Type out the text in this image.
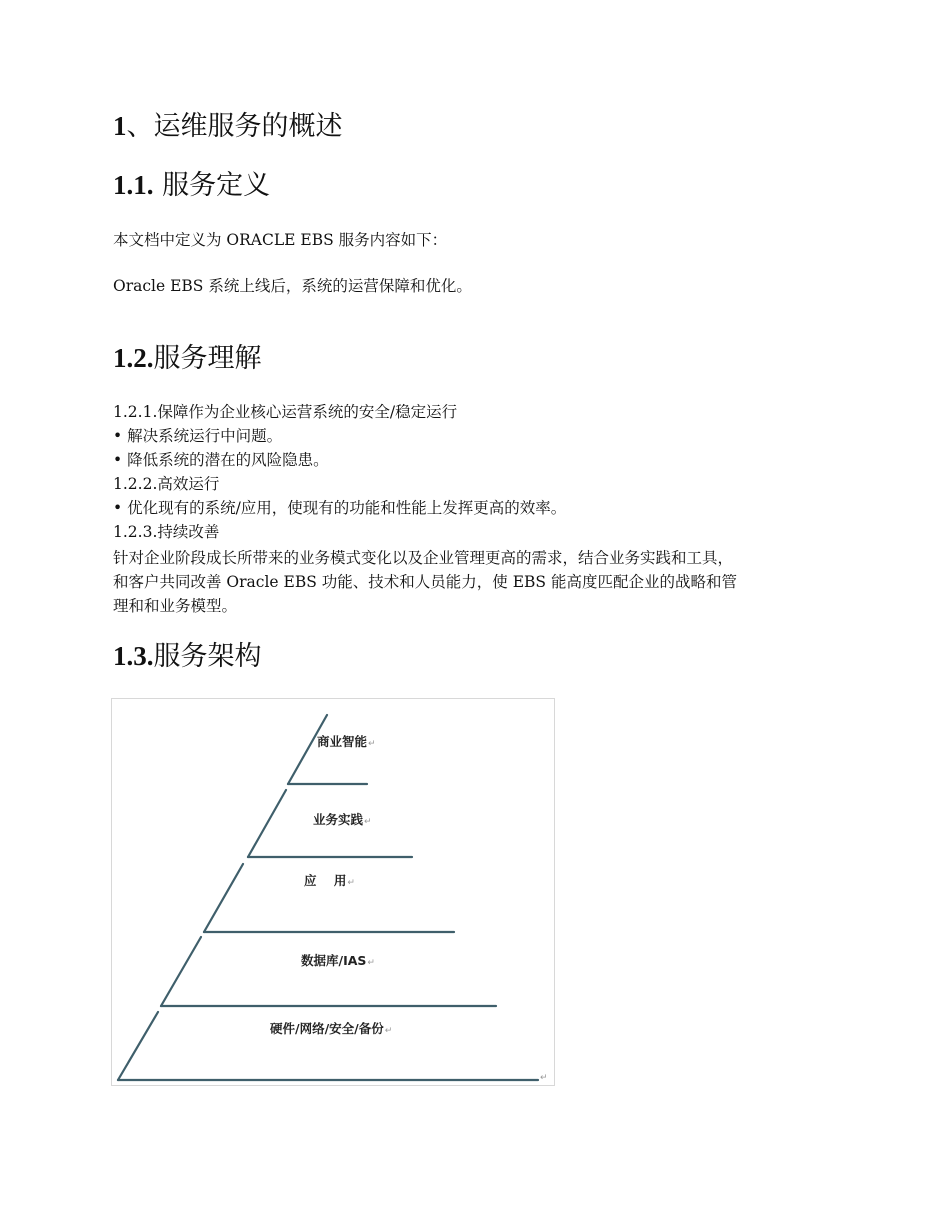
1、运维服务的概述
1.1. 服务定义

本文档中定义为 ORACLE EBS 服务内容如下：

Oracle EBS 系统上线后，系统的运营保障和优化。

1.2.服务理解

1.2.1.保障作为企业核心运营系统的安全/稳定运行

• 解决系统运行中问题。

• 降低系统的潜在的风险隐患。

1.2.2.高效运行

• 优化现有的系统/应用，使现有的功能和性能上发挥更高的效率。

1.2.3.持续改善

针对企业阶段成长所带来的业务模式变化以及企业管理更高的需求，结合业务实践和工具，
和客户共同改善 Oracle EBS 功能、技术和人员能力，使 EBS 能高度匹配企业的战略和管
理和和业务模型。
1.3.服务架构
↵
商业智能↵
业务实践↵
应    用↵
数据库/IAS↵
硬件/网络/安全/备份↵
